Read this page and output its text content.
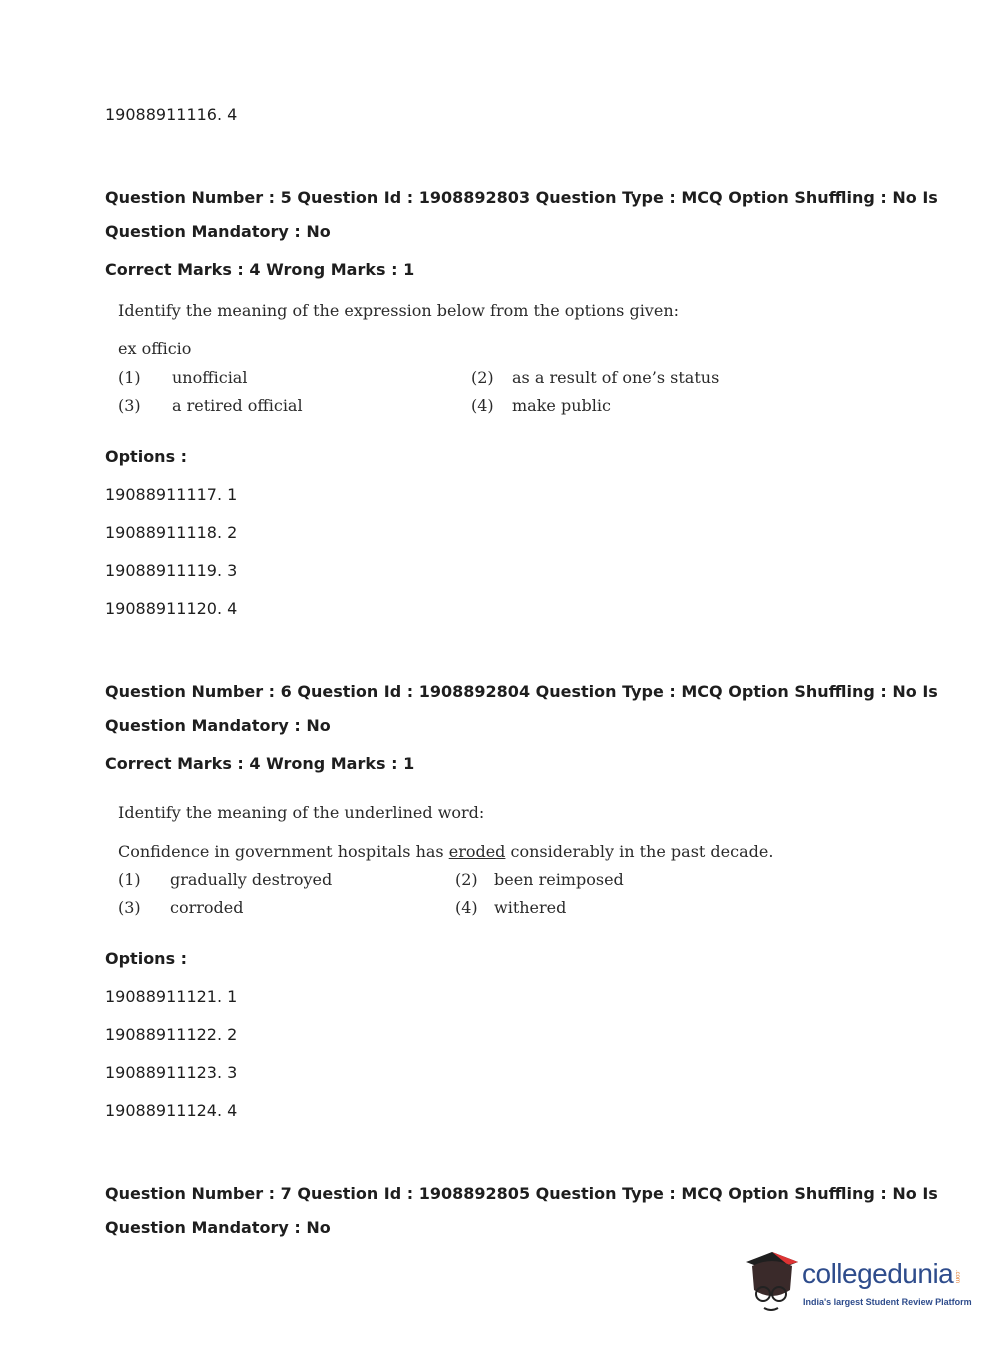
19088911116. 4
Question Number : 5 Question Id : 1908892803 Question Type : MCQ Option Shuffling : No Is
Question Mandatory : No
Correct Marks : 4 Wrong Marks : 1
Identify the meaning of the expression below from the options given:
ex officio
(1) unofficial	(2) as a result of one’s status
(3) a retired official	(4) make public
Options :
19088911117. 1
19088911118. 2
19088911119. 3
19088911120. 4
Question Number : 6 Question Id : 1908892804 Question Type : MCQ Option Shuffling : No Is
Question Mandatory : No
Correct Marks : 4 Wrong Marks : 1
Identify the meaning of the underlined word:
Confidence in government hospitals has eroded considerably in the past decade.
(1) gradually destroyed	(2) been reimposed
(3) corroded	(4) withered
Options :
19088911121. 1
19088911122. 2
19088911123. 3
19088911124. 4
Question Number : 7 Question Id : 1908892805 Question Type : MCQ Option Shuffling : No Is
Question Mandatory : No
collegedunia .com
India's largest Student Review Platform
